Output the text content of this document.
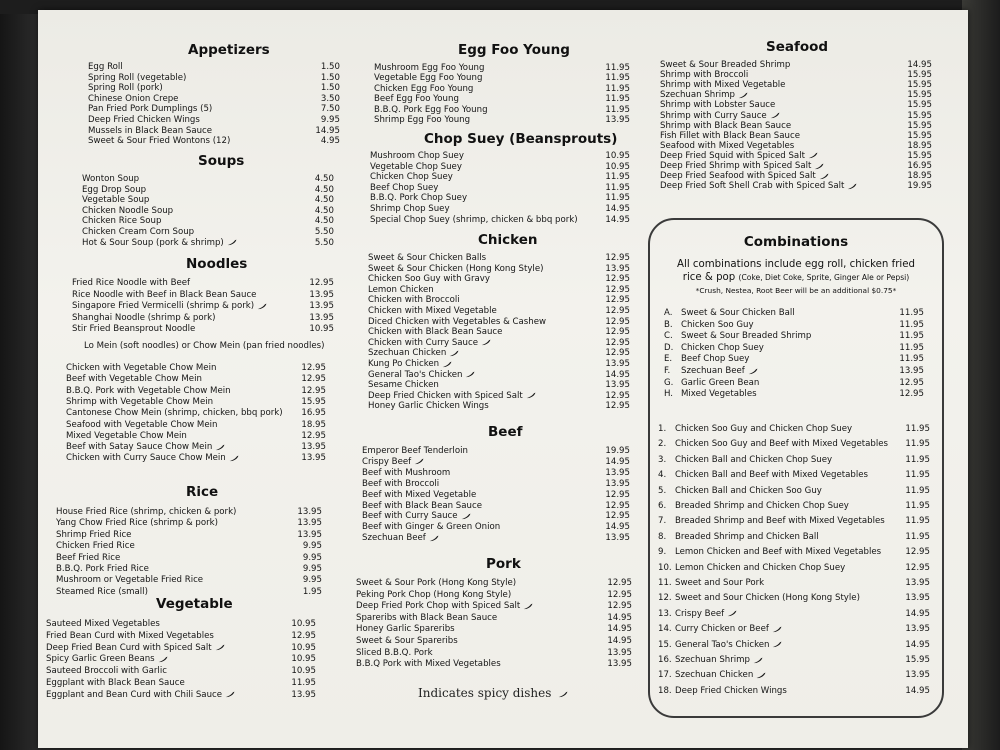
Appetizers
Egg Roll	1.50
Spring Roll (vegetable)	1.50
Spring Roll (pork)	1.50
Chinese Onion Crepe	3.50
Pan Fried Pork Dumplings (5)	7.50
Deep Fried Chicken Wings	9.95
Mussels in Black Bean Sauce	14.95
Sweet & Sour Fried Wontons (12)	4.95
Soups
Wonton Soup	4.50
Egg Drop Soup	4.50
Vegetable Soup	4.50
Chicken Noodle Soup	4.50
Chicken Rice Soup	4.50
Chicken Cream Corn Soup	5.50
Hot & Sour Soup (pork & shrimp)	5.50
Noodles
Fried Rice Noodle with Beef	12.95
Rice Noodle with Beef in Black Bean Sauce	13.95
Singapore Fried Vermicelli (shrimp & pork)	13.95
Shanghai Noodle (shrimp & pork)	13.95
Stir Fried Beansprout Noodle	10.95
Lo Mein (soft noodles) or Chow Mein (pan fried noodles)
Chicken with Vegetable Chow Mein	12.95
Beef with Vegetable Chow Mein	12.95
B.B.Q. Pork with Vegetable Chow Mein	12.95
Shrimp with Vegetable Chow Mein	15.95
Cantonese Chow Mein (shrimp, chicken, bbq pork) 16.95
Seafood with Vegetable Chow Mein	18.95
Mixed Vegetable Chow Mein	12.95
Beef with Satay Sauce Chow Mein	13.95
Chicken with Curry Sauce Chow Mein	13.95
Rice
House Fried Rice (shrimp, chicken & pork)	13.95
Yang Chow Fried Rice (shrimp & pork)	13.95
Shrimp Fried Rice	13.95
Chicken Fried Rice	9.95
Beef Fried Rice	9.95
B.B.Q. Pork Fried Rice	9.95
Mushroom or Vegetable Fried Rice	9.95
Steamed Rice (small)	1.95
Vegetable
Sauteed Mixed Vegetables	10.95
Fried Bean Curd with Mixed Vegetables	12.95
Deep Fried Bean Curd with Spiced Salt	10.95
Spicy Garlic Green Beans	10.95
Sauteed Broccoli with Garlic	10.95
Eggplant with Black Bean Sauce	11.95
Eggplant and Bean Curd with Chili Sauce	13.95
Egg Foo Young
Mushroom Egg Foo Young	11.95
Vegetable Egg Foo Young	11.95
Chicken Egg Foo Young	11.95
Beef Egg Foo Young	11.95
B.B.Q. Pork Egg Foo Young	11.95
Shrimp Egg Foo Young	13.95
Chop Suey (Beansprouts)
Mushroom Chop Suey	10.95
Vegetable Chop Suey	10.95
Chicken Chop Suey	11.95
Beef Chop Suey	11.95
B.B.Q. Pork Chop Suey	11.95
Shrimp Chop Suey	14.95
Special Chop Suey (shrimp, chicken & bbq pork)	14.95
Chicken
Sweet & Sour Chicken Balls	12.95
Sweet & Sour Chicken (Hong Kong Style)	13.95
Chicken Soo Guy with Gravy	12.95
Lemon Chicken	12.95
Chicken with Broccoli	12.95
Chicken with Mixed Vegetable	12.95
Diced Chicken with Vegetables & Cashew	12.95
Chicken with Black Bean Sauce	12.95
Chicken with Curry Sauce	12.95
Szechuan Chicken	12.95
Kung Po Chicken	13.95
General Tao's Chicken	14.95
Sesame Chicken	13.95
Deep Fried Chicken with Spiced Salt	12.95
Honey Garlic Chicken Wings	12.95
Beef
Emperor Beef Tenderloin	19.95
Crispy Beef	14.95
Beef with Mushroom	13.95
Beef with Broccoli	13.95
Beef with Mixed Vegetable	12.95
Beef with Black Bean Sauce	12.95
Beef with Curry Sauce	12.95
Beef with Ginger & Green Onion	14.95
Szechuan Beef	13.95
Pork
Sweet & Sour Pork (Hong Kong Style)	12.95
Peking Pork Chop (Hong Kong Style)	12.95
Deep Fried Pork Chop with Spiced Salt	12.95
Spareribs with Black Bean Sauce	14.95
Honey Garlic Spareribs	14.95
Sweet & Sour Spareribs	14.95
Sliced B.B.Q. Pork	13.95
B.B.Q Pork with Mixed Vegetables	13.95
Seafood
Sweet & Sour Breaded Shrimp	14.95
Shrimp with Broccoli	15.95
Shrimp with Mixed Vegetable	15.95
Szechuan Shrimp	15.95
Shrimp with Lobster Sauce	15.95
Shrimp with Curry Sauce	15.95
Shrimp with Black Bean Sauce	15.95
Fish Fillet with Black Bean Sauce	15.95
Seafood with Mixed Vegetables	18.95
Deep Fried Squid with Spiced Salt	15.95
Deep Fried Shrimp with Spiced Salt	16.95
Deep Fried Seafood with Spiced Salt	18.95
Deep Fried Soft Shell Crab with Spiced Salt	19.95
Combinations
All combinations include egg roll, chicken fried
rice & pop (Coke, Diet Coke, Sprite, Ginger Ale or Pepsi)
*Crush, Nestea, Root Beer will be an additional $0.75*
A. Sweet & Sour Chicken Ball	11.95
B. Chicken Soo Guy	11.95
C. Sweet & Sour Breaded Shrimp	11.95
D. Chicken Chop Suey	11.95
E. Beef Chop Suey	11.95
F. Szechuan Beef	13.95
G. Garlic Green Bean	12.95
H. Mixed Vegetables	12.95
1. Chicken Soo Guy and Chicken Chop Suey	11.95
2. Chicken Soo Guy and Beef with Mixed Vegetables 11.95
3. Chicken Ball and Chicken Chop Suey	11.95
4. Chicken Ball and Beef with Mixed Vegetables	11.95
5. Chicken Ball and Chicken Soo Guy	11.95
6. Breaded Shrimp and Chicken Chop Suey	11.95
7. Breaded Shrimp and Beef with Mixed Vegetables 11.95
8. Breaded Shrimp and Chicken Ball	11.95
9. Lemon Chicken and Beef with Mixed Vegetables	12.95
10. Lemon Chicken and Chicken Chop Suey	12.95
11. Sweet and Sour Pork	13.95
12. Sweet and Sour Chicken (Hong Kong Style)	13.95
13. Crispy Beef	14.95
14. Curry Chicken or Beef	13.95
15. General Tao's Chicken	14.95
16. Szechuan Shrimp	15.95
17. Szechuan Chicken	13.95
18. Deep Fried Chicken Wings	14.95
Indicates spicy dishes
